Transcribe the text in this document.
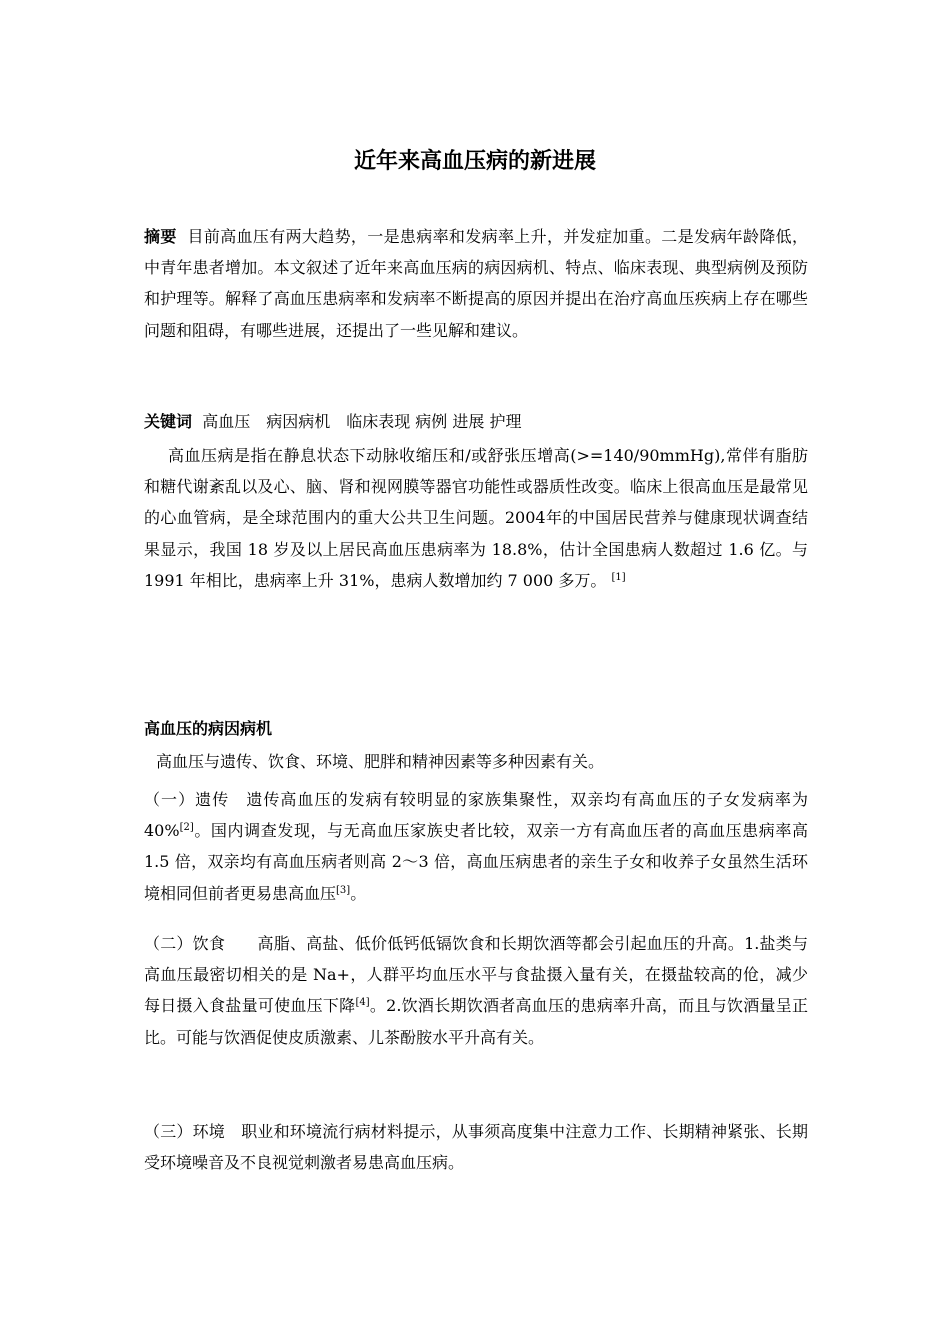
近年来高血压病的新进展

摘要 目前高血压有两大趋势，一是患病率和发病率上升，并发症加重。二是发病年龄降低，中青年患者增加。本文叙述了近年来高血压病的病因病机、特点、临床表现、典型病例及预防和护理等。解释了高血压患病率和发病率不断提高的原因并提出在治疗高血压疾病上存在哪些问题和阻碍，有哪些进展，还提出了一些见解和建议。

关键词 高血压　病因病机　临床表现 病例 进展 护理

高血压病是指在静息状态下动脉收缩压和/或舒张压增高(>=140/90mmHg),常伴有脂肪和糖代谢紊乱以及心、脑、肾和视网膜等器官功能性或器质性改变。临床上很高血压是最常见的心血管病，是全球范围内的重大公共卫生问题。2004年的中国居民营养与健康现状调查结果显示，我国 18 岁及以上居民高血压患病率为 18.8%，估计全国患病人数超过 1.6 亿。与 1991 年相比，患病率上升 31%，患病人数增加约 7 000 多万。 [1]

高血压的病因病机

高血压与遗传、饮食、环境、肥胖和精神因素等多种因素有关。

（一）遗传　遗传高血压的发病有较明显的家族集聚性，双亲均有高血压的子女发病率为 40%[2]。国内调查发现，与无高血压家族史者比较，双亲一方有高血压者的高血压患病率高 1.5 倍，双亲均有高血压病者则高 2～3 倍，高血压病患者的亲生子女和收养子女虽然生活环境相同但前者更易患高血压[3]。

（二）饮食　　高脂、高盐、低价低钙低镉饮食和长期饮酒等都会引起血压的升高。1.盐类与高血压最密切相关的是 Na+，人群平均血压水平与食盐摄入量有关，在摄盐较高的伧，减少每日摄入食盐量可使血压下降[4]。2.饮酒长期饮酒者高血压的患病率升高，而且与饮酒量呈正比。可能与饮酒促使皮质激素、儿茶酚胺水平升高有关。

（三）环境　职业和环境流行病材料提示，从事须高度集中注意力工作、长期精神紧张、长期受环境噪音及不良视觉刺激者易患高血压病。
